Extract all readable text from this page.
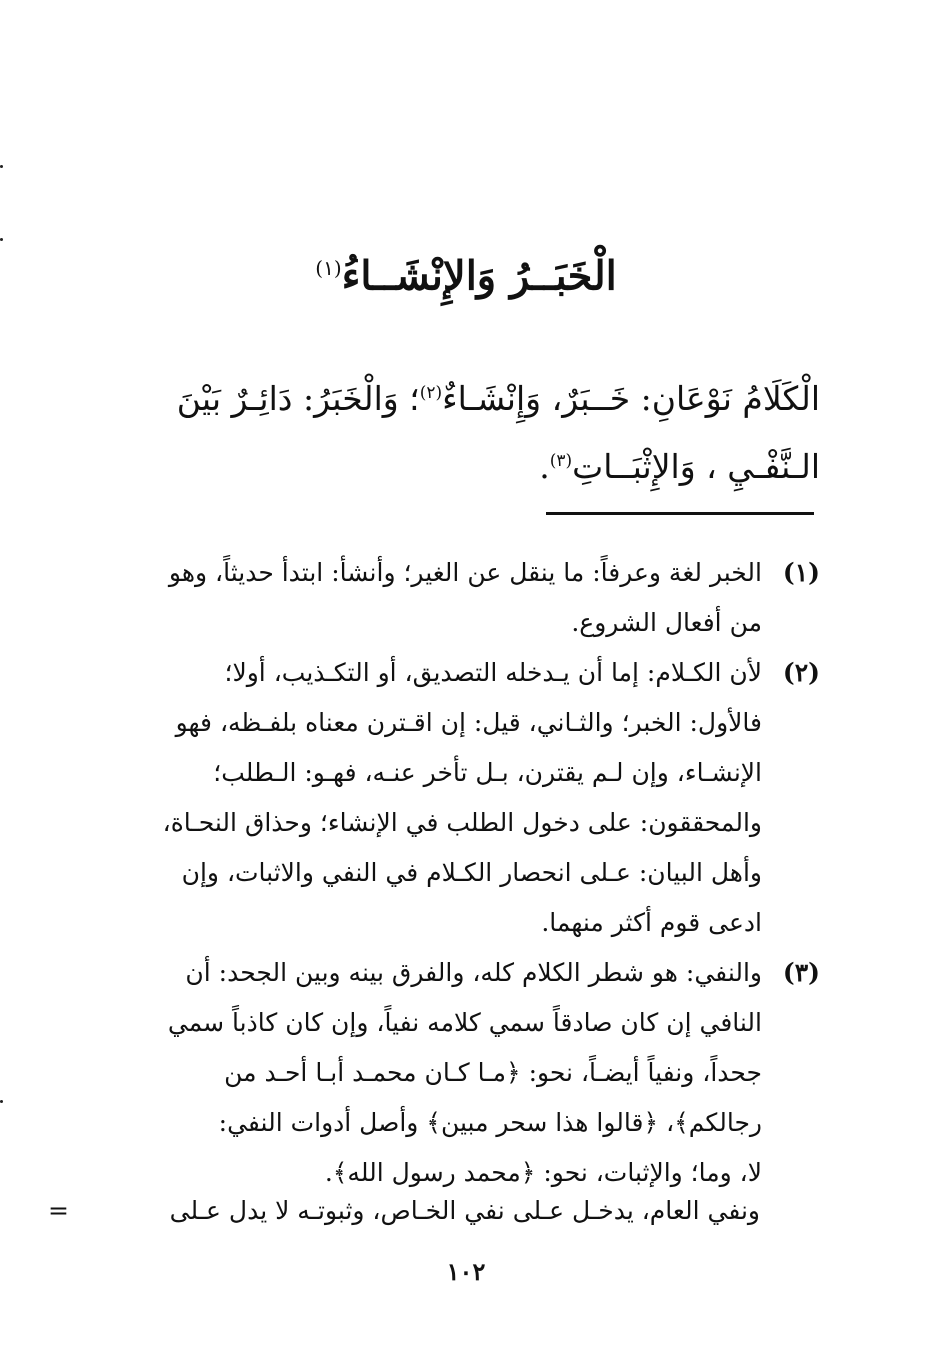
الْخَبَــرُ وَالإِنْشَــاءُ$^{(١)}$
الْكَلَامُ نَوْعَانِ: خَــبَرٌ، وَإِنْشَـاءٌ$^{(٢)}$؛ وَالْخَبَرُ: دَائِـرٌ بَيْنَ
الـنَّفْـيِ ، وَالإِثْبَــاتِ$^{(٣)}$.
(١)
الخبر لغة وعرفاً: ما ينقل عن الغير؛ وأنشأ: ابتدأ حديثاً، وهو
من أفعال الشروع.
(٢)
لأن الكـلام: إما أن يـدخله التصديق، أو التكـذيب، أولا؛
فالأول: الخبر؛ والثـاني، قيل: إن اقـترن معناه بلفـظه، فهو
الإنشـاء، وإن لـم يقترن، بـل تأخر عنـه، فهـو: الـطلب؛
والمحققون: على دخول الطلب في الإنشاء؛ وحذاق النحـاة،
وأهل البيان: عـلى انحصار الكـلام في النفي والاثبات، وإن
ادعى قوم أكثر منهما.
(٣)
والنفي: هو شطر الكلام كله، والفرق بينه وبين الجحد: أن
النافي إن كان صادقاً سمي كلامه نفياً، وإن كان كاذباً سمي
جحداً، ونفياً أيضـاً، نحو: ﴿مـا كـان محمـد أبـا أحـد من
رجالكم﴾، ﴿قالوا هذا سحر مبين﴾ وأصل أدوات النفي:
لا، وما؛ والإثبات، نحو: ﴿محمد رسول الله﴾.
ونفي العام، يدخـل عـلى نفي الخـاص، وثبوتـه لا يدل عـلى
=
١٠٢
